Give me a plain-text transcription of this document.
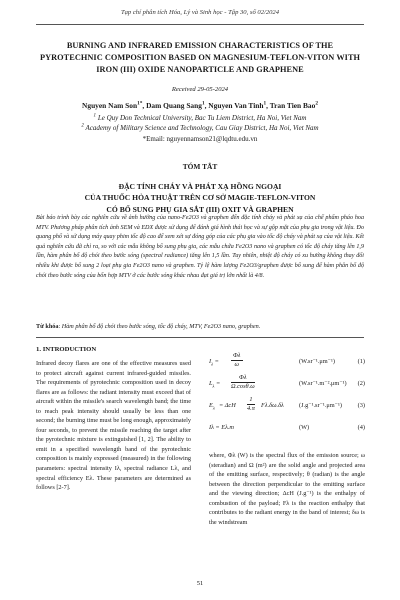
Tạp chí phân tích Hóa, Lý và Sinh học - Tập 30, số 02/2024
BURNING AND INFRARED EMISSION CHARACTERISTICS OF THE PYROTECHNIC COMPOSITION BASED ON MAGNESIUM-TEFLON-VITON WITH IRON (III) OXIDE NANOPARTICLE AND GRAPHENE
Received 29-05-2024
Nguyen Nam Son$^{1*}$, Dam Quang Sang$^1$, Nguyen Van Tinh$^1$, Tran Tien Bao$^2$
$^1$ Le Quy Don Technical University, Bac Tu Liem District, Ha Noi, Viet Nam
$^2$ Academy of Military Science and Technology, Cau Giay District, Ha Noi, Viet Nam
*Email: nguyennamson21@lqdtu.edu.vn
TÓM TẮT
ĐẶC TÍNH CHÁY VÀ PHÁT XẠ HỒNG NGOẠI
CỦA THUỐC HỎA THUẬT TRÊN CƠ SỞ MAGIE-TEFLON-VITON
CÓ BỔ SUNG PHỤ GIA SẮT (III) OXIT VÀ GRAPHEN
Bài báo trình bày các nghiên cứu về ảnh hưởng của nano-Fe2O3 và graphen đến đặc tính cháy và phát xạ của chế phẩm pháo hoa MTV. Phương pháp phân tích ảnh SEM và EDX được sử dụng để đánh giá hình thái học và sự gộp mặt của phụ gia trong vật liệu. Đo quang phổ và sử dụng máy quay phim tốc độ cao để xem xét sự đóng góp của các phụ gia vào tốc độ cháy và phát xạ của vật liệu. Kết quả nghiên cứu đã chỉ ra, so với các mẫu không bổ sung phụ gia, các mẫu chứa Fe2O3 nano và graphen có tốc độ cháy tăng lên 1,9 lần, hàm phân bố độ chói theo bước sóng (spectral radiance) tăng lên 1,5 lần. Tuy nhiên, nhiệt độ cháy có xu hướng không thay đổi nhiều khi được bổ sung 2 loại phụ gia Fe2O3 nano và graphen. Tỷ lệ hàm lượng Fe2O3/graphen được bổ sung để hàm phân bố độ chói theo bước sóng của bốn hợp MTV ở các bước sóng khác nhau đạt giá trị lớn nhất là 4/8.
Từ khóa: Hàm phân bố độ chói theo bước sóng, tốc độ cháy, MTV, Fe2O3 nano, graphen.
1. INTRODUCTION
Infrared decoy flares are one of the effective measures used to protect aircraft against current infrared-guided missiles. The requirements of pyrotechnic composition used in decoy flares are as follows: the radiant intensity must exceed that of aircraft within the missile's search wavelength band; the time to reach peak intensity should usually be less than one second; the burning time must be long enough, approximately four seconds, to prevent the missile reaching the target after the pyrotechnic mixture is extinguished [1, 2]. The ability to emit in a specified wavelength band of the pyrotechnic composition is mainly expressed (measured) in the following parameters: spectral intensity Iλ, spectral radiance Lλ, and spectral efficiency Eλ. These parameters are determined as follows [2-7].
$I_\lambda = \frac{\Phi\lambda}{\omega}$	(W.sr⁻¹.μm⁻¹)	(1)
$L_\lambda = \frac{\Phi\lambda}{\Omega.\cos\theta.\omega}$	(W.sr⁻¹.m⁻².μm⁻¹) (2)
$E_\lambda = \Delta cH \frac{1}{4.\pi} F\lambda.\delta\omega.\delta\lambda$ (J.g⁻¹.sr⁻¹.μm⁻¹) (3)
Iλ = Eλ.m	(W)	(4)
where, Φλ (W) is the spectral flux of the emission source; ω (steradian) and Ω (m²) are the solid angle and projected area of the emitting surface, respectively; θ (radian) is the angle between the direction perpendicular to the emitting surface and the viewing direction; ΔcH (J.g⁻¹) is the enthalpy of combustion of the payload; Fλ is the reaction enthalpy that contributes to the radiant energy in the band of interest; δω is the windstream
51
